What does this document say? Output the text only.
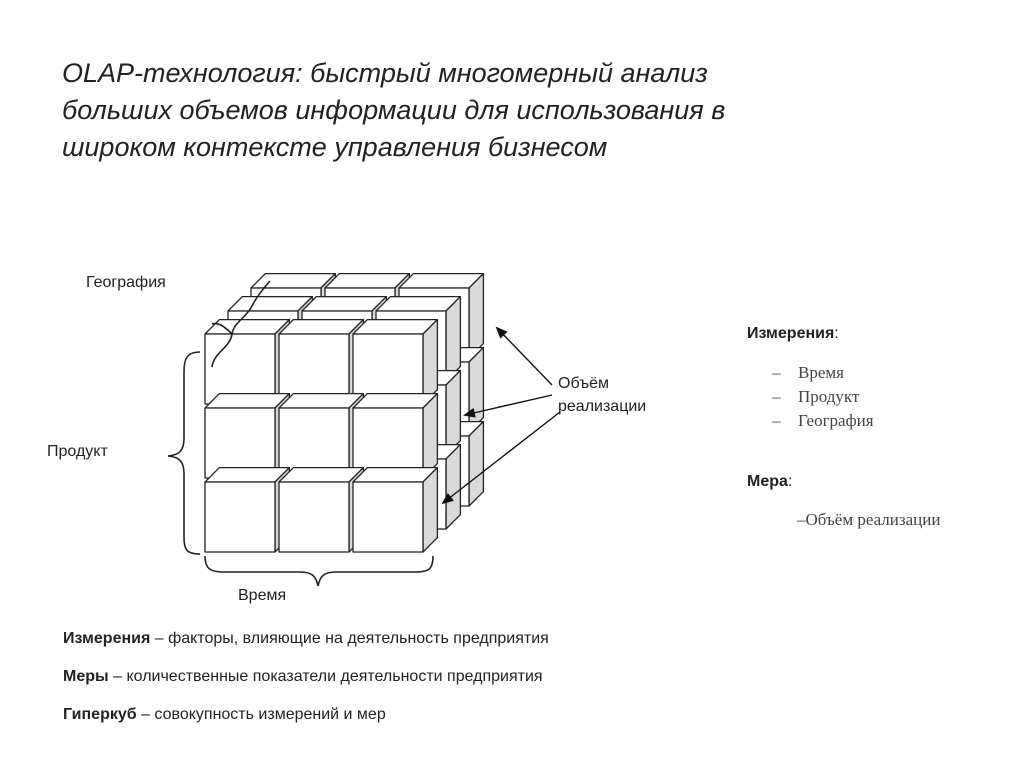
OLAP-технология: быстрый многомерный анализ
больших объемов информации для использования в
широком контексте управления бизнесом
География
Продукт
Время
Объём
реализации
Измерения:
– Время
– Продукт
– География
Мера:
–Объём реализации
Измерения – факторы, влияющие на деятельность предприятия
Меры – количественные показатели деятельности предприятия
Гиперкуб – совокупность измерений и мер
